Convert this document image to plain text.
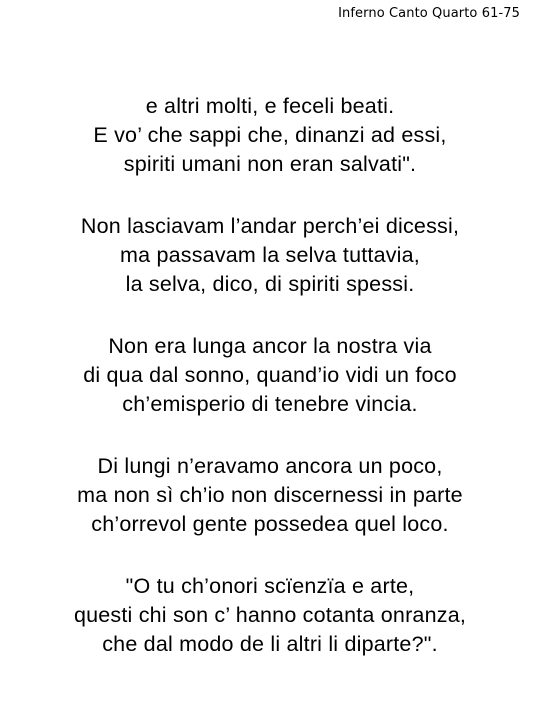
Inferno Canto Quarto 61-75
e altri molti, e feceli beati.
E vo’ che sappi che, dinanzi ad essi,
spiriti umani non eran salvati".
Non lasciavam l’andar perch’ei dicessi,
ma passavam la selva tuttavia,
la selva, dico, di spiriti spessi.
Non era lunga ancor la nostra via
di qua dal sonno, quand’io vidi un foco
ch’emisperio di tenebre vincia.
Di lungi n’eravamo ancora un poco,
ma non sì ch’io non discernessi in parte
ch’orrevol gente possedea quel loco.
"O tu ch’onori scïenzïa e arte,
questi chi son c’ hanno cotanta onranza,
che dal modo de li altri li diparte?".
